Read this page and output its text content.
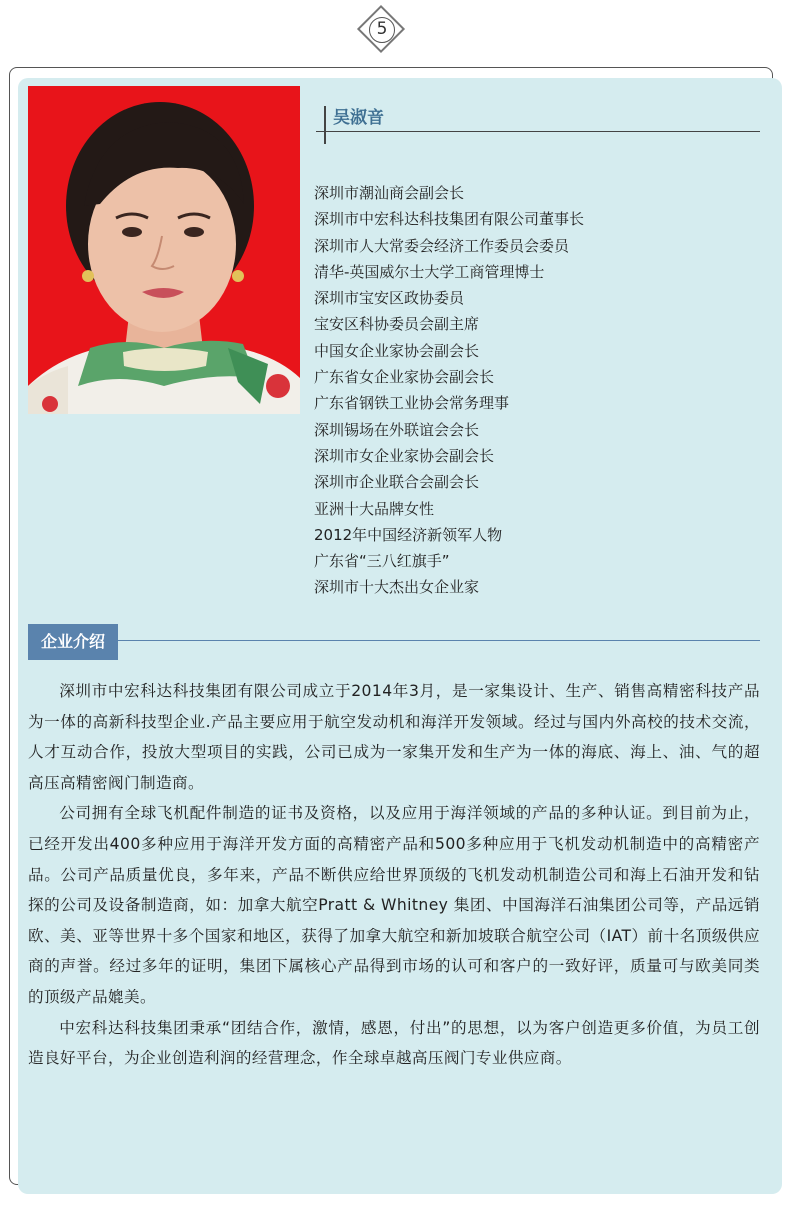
5
吴淑音
深圳市潮汕商会副会长
深圳市中宏科达科技集团有限公司董事长
深圳市人大常委会经济工作委员会委员
清华-英国威尔士大学工商管理博士
深圳市宝安区政协委员
宝安区科协委员会副主席
中国女企业家协会副会长
广东省女企业家协会副会长
广东省钢铁工业协会常务理事
深圳锡场在外联谊会会长
深圳市女企业家协会副会长
深圳市企业联合会副会长
亚洲十大品牌女性
2012年中国经济新领军人物
广东省“三八红旗手”
深圳市十大杰出女企业家
企业介绍

深圳市中宏科达科技集团有限公司成立于2014年3月，是一家集设计、生产、销售高精密科技产品为一体的高新科技型企业.产品主要应用于航空发动机和海洋开发领域。经过与国内外高校的技术交流，人才互动合作，投放大型项目的实践，公司已成为一家集开发和生产为一体的海底、海上、油、气的超高压高精密阀门制造商。

公司拥有全球飞机配件制造的证书及资格，以及应用于海洋领域的产品的多种认证。到目前为止，已经开发出400多种应用于海洋开发方面的高精密产品和500多种应用于飞机发动机制造中的高精密产品。公司产品质量优良，多年来，产品不断供应给世界顶级的飞机发动机制造公司和海上石油开发和钻探的公司及设备制造商，如：加拿大航空Pratt & Whitney 集团、中国海洋石油集团公司等，产品远销欧、美、亚等世界十多个国家和地区，获得了加拿大航空和新加坡联合航空公司（IAT）前十名顶级供应商的声誉。经过多年的证明，集团下属核心产品得到市场的认可和客户的一致好评，质量可与欧美同类的顶级产品媲美。

中宏科达科技集团秉承“团结合作，激情，感恩，付出”的思想，以为客户创造更多价值，为员工创造良好平台，为企业创造利润的经营理念，作全球卓越高压阀门专业供应商。
